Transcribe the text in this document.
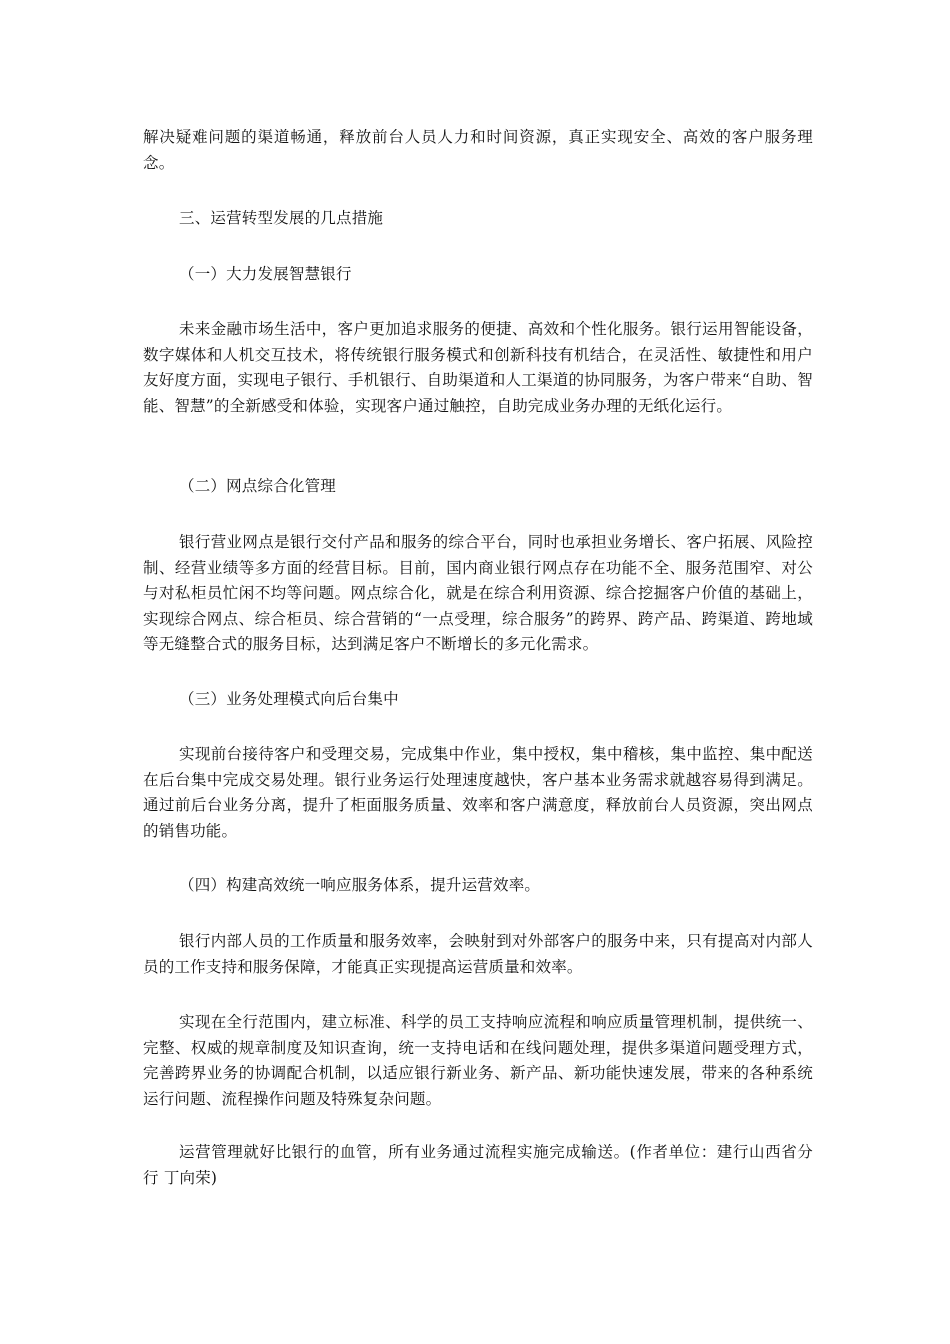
解决疑难问题的渠道畅通，释放前台人员人力和时间资源，真正实现安全、高效的客户服务理念。

三、运营转型发展的几点措施

（一）大力发展智慧银行

未来金融市场生活中，客户更加追求服务的便捷、高效和个性化服务。银行运用智能设备，数字媒体和人机交互技术，将传统银行服务模式和创新科技有机结合，在灵活性、敏捷性和用户友好度方面，实现电子银行、手机银行、自助渠道和人工渠道的协同服务，为客户带来“自助、智能、智慧”的全新感受和体验，实现客户通过触控，自助完成业务办理的无纸化运行。

（二）网点综合化管理

银行营业网点是银行交付产品和服务的综合平台，同时也承担业务增长、客户拓展、风险控制、经营业绩等多方面的经营目标。目前，国内商业银行网点存在功能不全、服务范围窄、对公与对私柜员忙闲不均等问题。网点综合化，就是在综合利用资源、综合挖掘客户价值的基础上，实现综合网点、综合柜员、综合营销的“一点受理，综合服务”的跨界、跨产品、跨渠道、跨地域等无缝整合式的服务目标，达到满足客户不断增长的多元化需求。

（三）业务处理模式向后台集中

实现前台接待客户和受理交易，完成集中作业，集中授权，集中稽核，集中监控、集中配送在后台集中完成交易处理。银行业务运行处理速度越快，客户基本业务需求就越容易得到满足。通过前后台业务分离，提升了柜面服务质量、效率和客户满意度，释放前台人员资源，突出网点的销售功能。

（四）构建高效统一响应服务体系，提升运营效率。

银行内部人员的工作质量和服务效率，会映射到对外部客户的服务中来，只有提高对内部人员的工作支持和服务保障，才能真正实现提高运营质量和效率。

实现在全行范围内，建立标准、科学的员工支持响应流程和响应质量管理机制，提供统一、完整、权威的规章制度及知识查询，统一支持电话和在线问题处理，提供多渠道问题受理方式，完善跨界业务的协调配合机制，以适应银行新业务、新产品、新功能快速发展，带来的各种系统运行问题、流程操作问题及特殊复杂问题。

运营管理就好比银行的血管，所有业务通过流程实施完成输送。(作者单位：建行山西省分行 丁向荣)
